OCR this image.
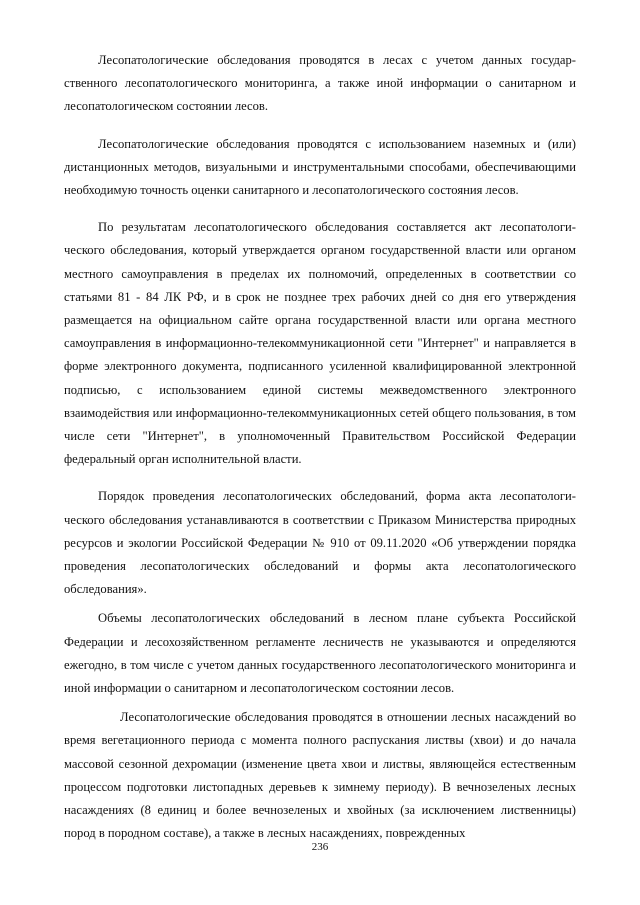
Лесопатологические обследования проводятся в лесах с учетом данных государственного лесопатологического мониторинга, а также иной информации о санитарном и лесопатологическом состоянии лесов.

Лесопатологические обследования проводятся с использованием наземных и (или) дистанционных методов, визуальными и инструментальными способами, обеспечивающими необходимую точность оценки санитарного и лесопатологического состояния лесов.

По результатам лесопатологического обследования составляется акт лесопатологического обследования, который утверждается органом государственной власти или органом местного самоуправления в пределах их полномочий, определенных в соответствии со статьями 81 - 84 ЛК РФ, и в срок не позднее трех рабочих дней со дня его утверждения размещается на официальном сайте органа государственной власти или органа местного самоуправления в информационно-телекоммуникационной сети "Интернет" и направляется в форме электронного документа, подписанного усиленной квалифицированной электронной подписью, с использованием единой системы межведомственного электронного взаимодействия или информационно-телекоммуникационных сетей общего пользования, в том числе сети "Интернет", в уполномоченный Правительством Российской Федерации федеральный орган исполнительной власти.

Порядок проведения лесопатологических обследований, форма акта лесопатологического обследования устанавливаются в соответствии с Приказом Министерства природных ресурсов и экологии Российской Федерации № 910 от 09.11.2020 «Об утверждении порядка проведения лесопатологических обследований и формы акта лесопатологического обследования».

Объемы лесопатологических обследований в лесном плане субъекта Российской Федерации и лесохозяйственном регламенте лесничеств не указываются и определяются ежегодно, в том числе с учетом данных государственного лесопатологического мониторинга и иной информации о санитарном и лесопатологическом состоянии лесов.

Лесопатологические обследования проводятся в отношении лесных насаждений во время вегетационного периода с момента полного распускания листвы (хвои) и до начала массовой сезонной дехромации (изменение цвета хвои и листвы, являющейся естественным процессом подготовки листопадных деревьев к зимнему периоду). В вечнозеленых лесных насаждениях (8 единиц и более вечнозеленых и хвойных (за исключением лиственницы) пород в породном составе), а также в лесных насаждениях, поврежденных

236
